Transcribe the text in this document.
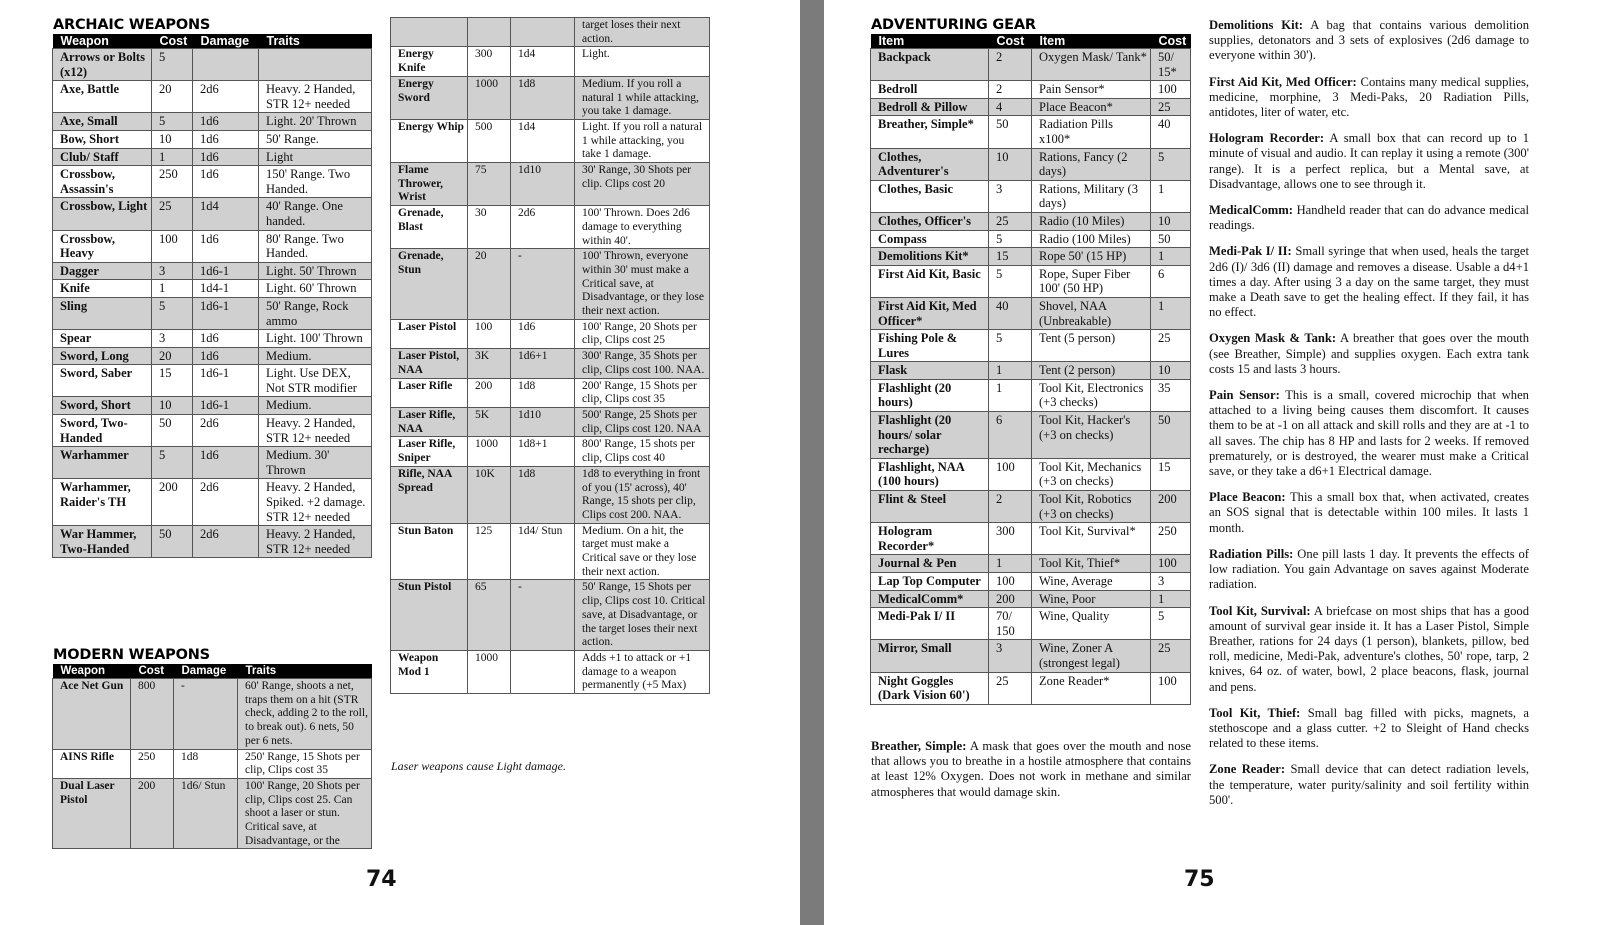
ARCHAIC WEAPONS
Weapon	Cost	Damage	Traits
Arrows or Bolts (x12)	5		
Axe, Battle	20	2d6	Heavy. 2 Handed, STR 12+ needed
Axe, Small	5	1d6	Light. 20' Thrown
Bow, Short	10	1d6	50' Range.
Club/ Staff	1	1d6	Light
Crossbow, Assassin's	250	1d6	150' Range. Two Handed.
Crossbow, Light	25	1d4	40' Range. One handed.
Crossbow, Heavy	100	1d6	80' Range. Two Handed.
Dagger	3	1d6-1	Light. 50' Thrown
Knife	1	1d4-1	Light. 60' Thrown
Sling	5	1d6-1	50' Range, Rock ammo
Spear	3	1d6	Light. 100' Thrown
Sword, Long	20	1d6	Medium.
Sword, Saber	15	1d6-1	Light. Use DEX, Not STR modifier
Sword, Short	10	1d6-1	Medium.
Sword, Two-Handed	50	2d6	Heavy. 2 Handed, STR 12+ needed
Warhammer	5	1d6	Medium. 30' Thrown
Warhammer, Raider's TH	200	2d6	Heavy. 2 Handed, Spiked. +2 damage. STR 12+ needed
War Hammer, Two-Handed	50	2d6	Heavy. 2 Handed, STR 12+ needed
MODERN WEAPONS
Weapon	Cost	Damage	Traits
Ace Net Gun	800	-	60' Range, shoots a net, traps them on a hit (STR check, adding 2 to the roll, to break out). 6 nets, 50 per 6 nets.
AINS Rifle	250	1d8	250' Range, 15 Shots per clip, Clips cost 35
Dual Laser Pistol	200	1d6/ Stun	100' Range, 20 Shots per clip, Clips cost 25. Can shoot a laser or stun. Critical save, at Disadvantage, or the
			target loses their next action.
Energy Knife	300	1d4	Light.
Energy Sword	1000	1d8	Medium. If you roll a natural 1 while attacking, you take 1 damage.
Energy Whip	500	1d4	Light. If you roll a natural 1 while attacking, you take 1 damage.
Flame Thrower, Wrist	75	1d10	30' Range, 30 Shots per clip. Clips cost 20
Grenade, Blast	30	2d6	100' Thrown. Does 2d6 damage to everything within 40'.
Grenade, Stun	20	-	100' Thrown, everyone within 30' must make a Critical save, at Disadvantage, or they lose their next action.
Laser Pistol	100	1d6	100' Range, 20 Shots per clip, Clips cost 25
Laser Pistol, NAA	3K	1d6+1	300' Range, 35 Shots per clip, Clips cost 100. NAA.
Laser Rifle	200	1d8	200' Range, 15 Shots per clip, Clips cost 35
Laser Rifle, NAA	5K	1d10	500' Range, 25 Shots per clip, Clips cost 120. NAA
Laser Rifle, Sniper	1000	1d8+1	800' Range, 15 shots per clip, Clips cost 40
Rifle, NAA Spread	10K	1d8	1d8 to everything in front of you (15' across), 40' Range, 15 shots per clip, Clips cost 200. NAA.
Stun Baton	125	1d4/ Stun	Medium. On a hit, the target must make a Critical save or they lose their next action.
Stun Pistol	65	-	50' Range, 15 Shots per clip, Clips cost 10. Critical save, at Disadvantage, or the target loses their next action.
Weapon Mod 1	1000		Adds +1 to attack or +1 damage to a weapon permanently (+5 Max)
Laser weapons cause Light damage.
74
ADVENTURING GEAR
Item	Cost	Item	Cost
Backpack	2	Oxygen Mask/ Tank*	50/ 15*
Bedroll	2	Pain Sensor*	100
Bedroll & Pillow	4	Place Beacon*	25
Breather, Simple*	50	Radiation Pills x100*	40
Clothes, Adventurer's	10	Rations, Fancy (2 days)	5
Clothes, Basic	3	Rations, Military (3 days)	1
Clothes, Officer's	25	Radio (10 Miles)	10
Compass	5	Radio (100 Miles)	50
Demolitions Kit*	15	Rope 50' (15 HP)	1
First Aid Kit, Basic	5	Rope, Super Fiber 100' (50 HP)	6
First Aid Kit, Med Officer*	40	Shovel, NAA (Unbreakable)	1
Fishing Pole & Lures	5	Tent (5 person)	25
Flask	1	Tent (2 person)	10
Flashlight (20 hours)	1	Tool Kit, Electronics (+3 checks)	35
Flashlight (20 hours/ solar recharge)	6	Tool Kit, Hacker's (+3 on checks)	50
Flashlight, NAA (100 hours)	100	Tool Kit, Mechanics (+3 on checks)	15
Flint & Steel	2	Tool Kit, Robotics (+3 on checks)	200
Hologram Recorder*	300	Tool Kit, Survival*	250
Journal & Pen	1	Tool Kit, Thief*	100
Lap Top Computer	100	Wine, Average	3
MedicalComm*	200	Wine, Poor	1
Medi-Pak I/ II	70/ 150	Wine, Quality	5
Mirror, Small	3	Wine, Zoner A (strongest legal)	25
Night Goggles (Dark Vision 60')	25	Zone Reader*	100

Breather, Simple: A mask that goes over the mouth and nose that allows you to breathe in a hostile atmosphere that contains at least 12% Oxygen. Does not work in methane and similar atmospheres that would damage skin.

Demolitions Kit: A bag that contains various demolition supplies, detonators and 3 sets of explosives (2d6 damage to everyone within 30').

First Aid Kit, Med Officer: Contains many medical supplies, medicine, morphine, 3 Medi-Paks, 20 Radiation Pills, antidotes, liter of water, etc.

Hologram Recorder: A small box that can record up to 1 minute of visual and audio. It can replay it using a remote (300' range). It is a perfect replica, but a Mental save, at Disadvantage, allows one to see through it.

MedicalComm: Handheld reader that can do advance medical readings.

Medi-Pak I/ II: Small syringe that when used, heals the target 2d6 (I)/ 3d6 (II) damage and removes a disease. Usable a d4+1 times a day. After using 3 a day on the same target, they must make a Death save to get the healing effect. If they fail, it has no effect.

Oxygen Mask & Tank: A breather that goes over the mouth (see Breather, Simple) and supplies oxygen. Each extra tank costs 15 and lasts 3 hours.

Pain Sensor: This is a small, covered microchip that when attached to a living being causes them discomfort. It causes them to be at -1 on all attack and skill rolls and they are at -1 to all saves. The chip has 8 HP and lasts for 2 weeks. If removed prematurely, or is destroyed, the wearer must make a Critical save, or they take a d6+1 Electrical damage.

Place Beacon: This a small box that, when activated, creates an SOS signal that is detectable within 100 miles. It lasts 1 month.

Radiation Pills: One pill lasts 1 day. It prevents the effects of low radiation. You gain Advantage on saves against Moderate radiation.

Tool Kit, Survival: A briefcase on most ships that has a good amount of survival gear inside it. It has a Laser Pistol, Simple Breather, rations for 24 days (1 person), blankets, pillow, bed roll, medicine, Medi-Pak, adventure's clothes, 50' rope, tarp, 2 knives, 64 oz. of water, bowl, 2 place beacons, flask, journal and pens.

Tool Kit, Thief: Small bag filled with picks, magnets, a stethoscope and a glass cutter. +2 to Sleight of Hand checks related to these items.

Zone Reader: Small device that can detect radiation levels, the temperature, water purity/salinity and soil fertility within 500'.

75
